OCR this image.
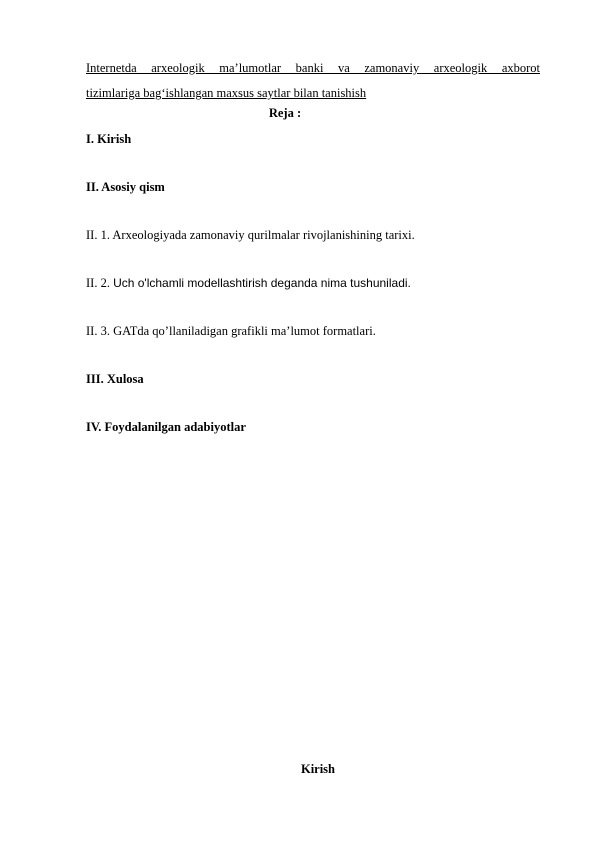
Internetda arxeologik ma’lumotlar banki va zamonaviy arxeologik axborot
tizimlariga bag‘ishlangan maxsus saytlar bilan tanishish
Reja :
I. Kirish
II. Asosiy qism
II. 1. Arxeologiyada zamonaviy qurilmalar rivojlanishining tarixi.
II. 2. Uch o'lchamli modellashtirish deganda nima tushuniladi.
II. 3. GATda qo’llaniladigan grafikli ma’lumot formatlari.
III. Xulosa
IV. Foydalanilgan adabiyotlar
Kirish
